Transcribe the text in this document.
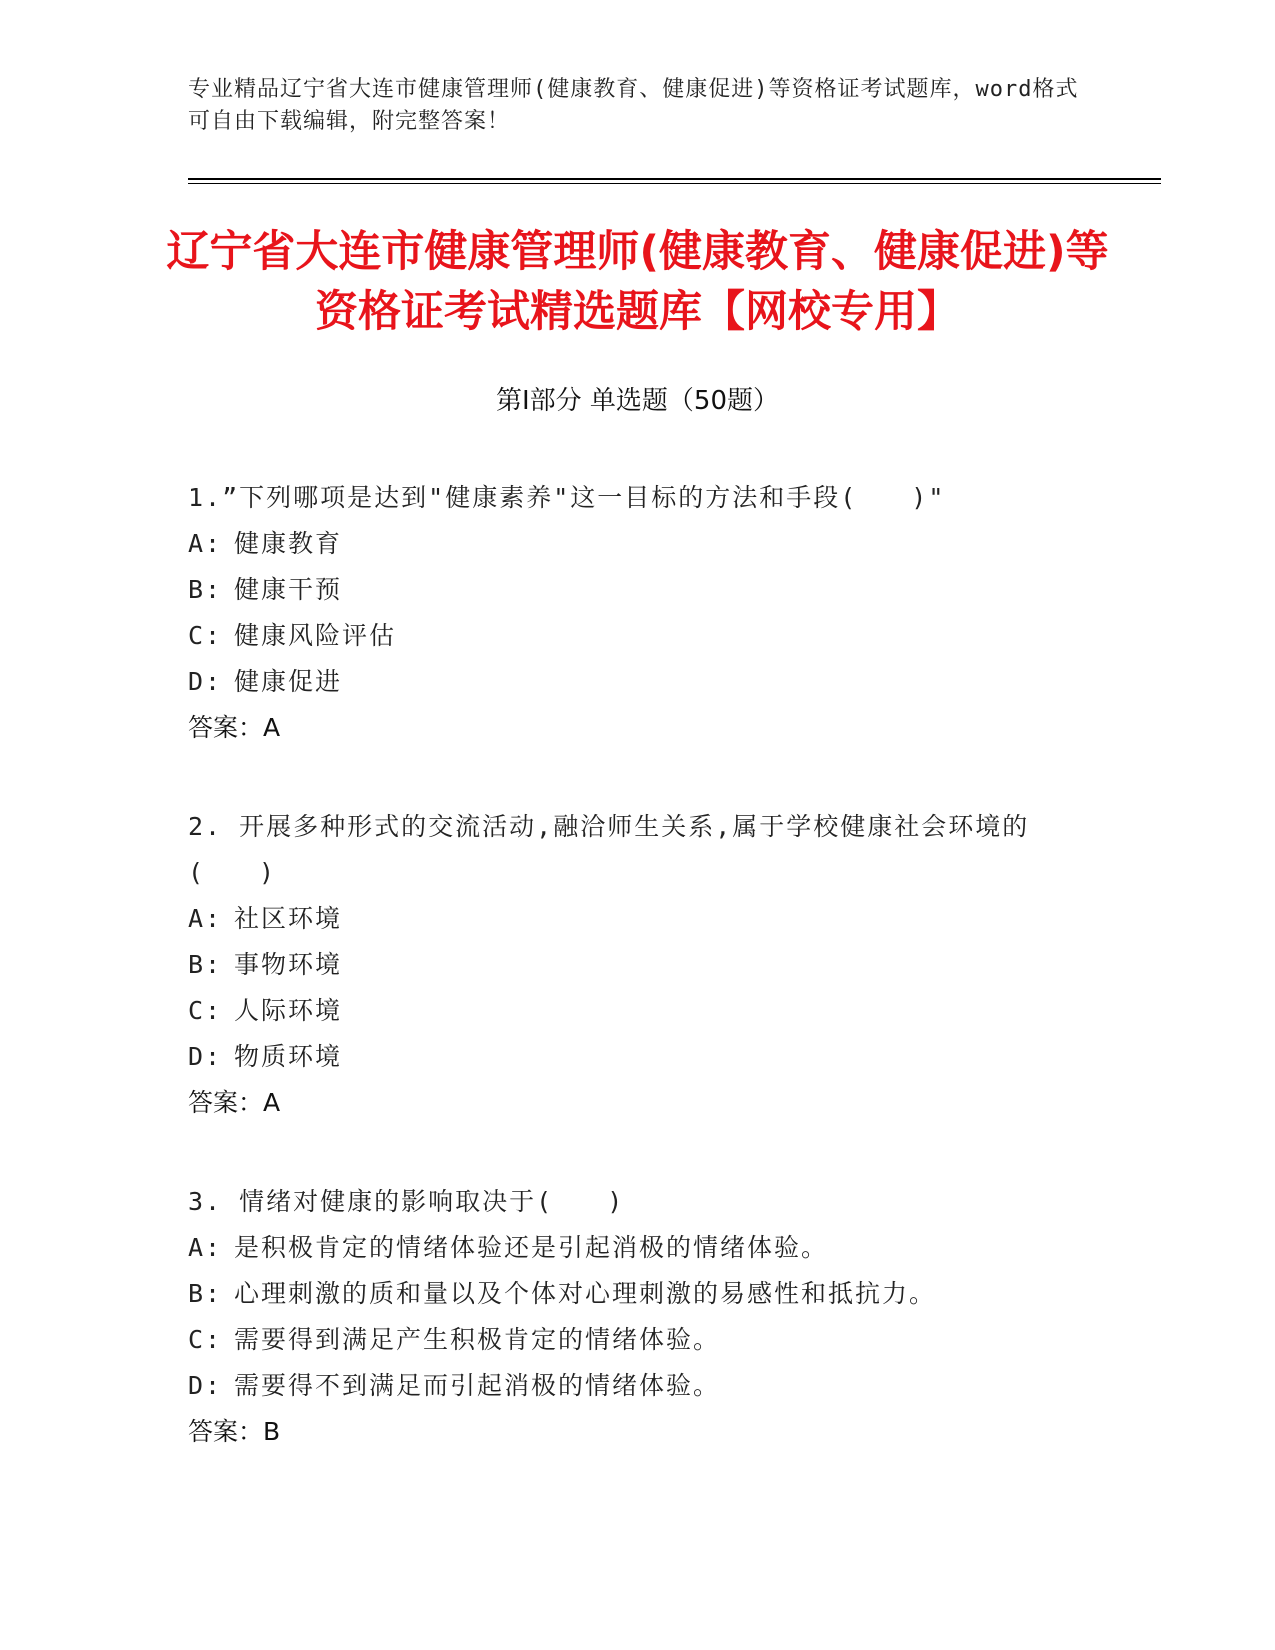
专业精品辽宁省大连市健康管理师(健康教育、健康促进)等资格证考试题库，word格式可自由下载编辑，附完整答案！
辽宁省大连市健康管理师(健康教育、健康促进)等资格证考试精选题库【网校专用】
第Ⅰ部分 单选题（50题）
1.”下列哪项是达到"健康素养"这一目标的方法和手段(　　)"
A: 健康教育
B: 健康干预
C: 健康风险评估
D: 健康促进
答案：A
2. 开展多种形式的交流活动,融洽师生关系,属于学校健康社会环境的(　　)
A: 社区环境
B: 事物环境
C: 人际环境
D: 物质环境
答案：A
3. 情绪对健康的影响取决于(　　)
A: 是积极肯定的情绪体验还是引起消极的情绪体验。
B: 心理刺激的质和量以及个体对心理刺激的易感性和抵抗力。
C: 需要得到满足产生积极肯定的情绪体验。
D: 需要得不到满足而引起消极的情绪体验。
答案：B
